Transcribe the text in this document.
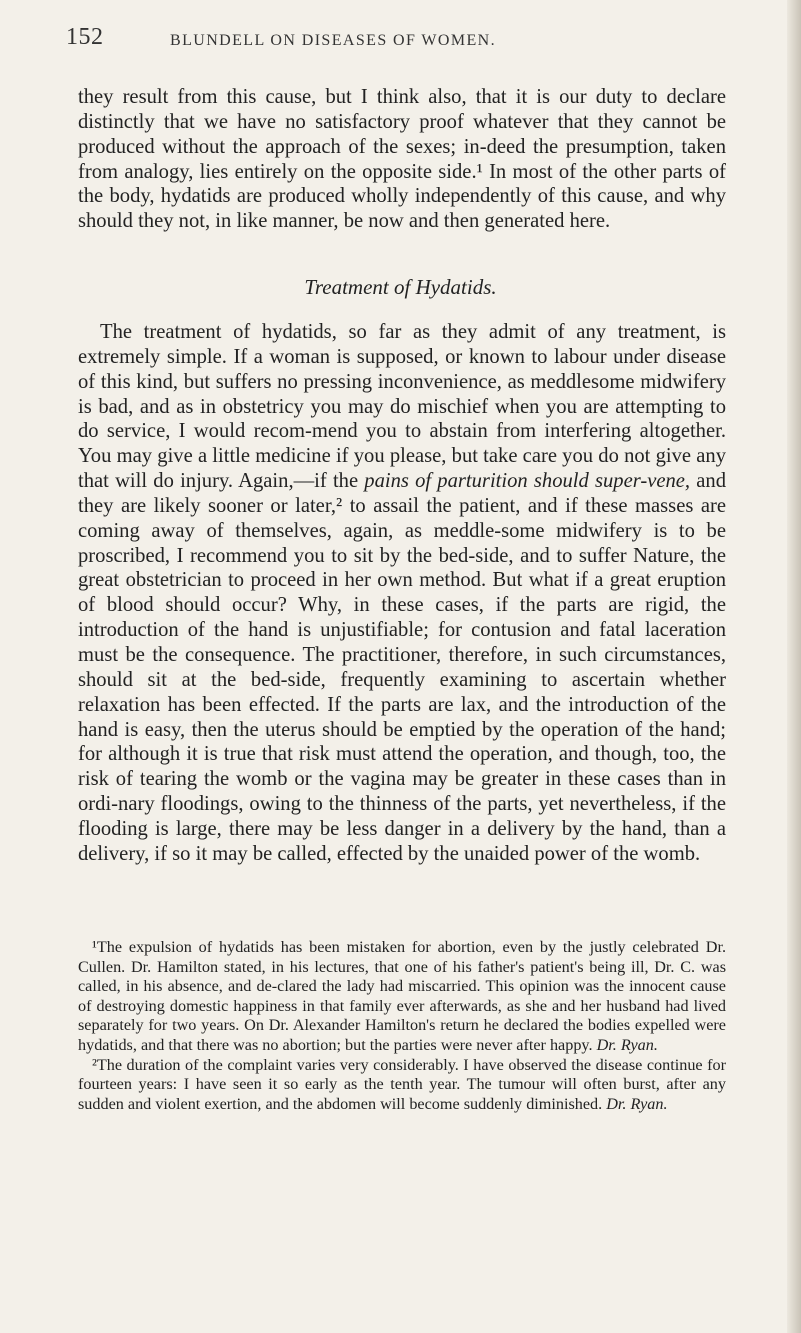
152	BLUNDELL ON DISEASES OF WOMEN.

they result from this cause, but I think also, that it is our duty to declare distinctly that we have no satisfactory proof whatever that they cannot be produced without the approach of the sexes; in-deed the presumption, taken from analogy, lies entirely on the opposite side.¹ In most of the other parts of the body, hydatids are produced wholly independently of this cause, and why should they not, in like manner, be now and then generated here.

Treatment of Hydatids.

The treatment of hydatids, so far as they admit of any treatment, is extremely simple. If a woman is supposed, or known to labour under disease of this kind, but suffers no pressing inconvenience, as meddlesome midwifery is bad, and as in obstetricy you may do mischief when you are attempting to do service, I would recom-mend you to abstain from interfering altogether. You may give a little medicine if you please, but take care you do not give any that will do injury. Again,—if the pains of parturition should super-vene, and they are likely sooner or later,² to assail the patient, and if these masses are coming away of themselves, again, as meddle-some midwifery is to be proscribed, I recommend you to sit by the bed-side, and to suffer Nature, the great obstetrician to proceed in her own method. But what if a great eruption of blood should occur? Why, in these cases, if the parts are rigid, the introduction of the hand is unjustifiable; for contusion and fatal laceration must be the consequence. The practitioner, therefore, in such circumstances, should sit at the bed-side, frequently examining to ascertain whether relaxation has been effected. If the parts are lax, and the introduction of the hand is easy, then the uterus should be emptied by the operation of the hand; for although it is true that risk must attend the operation, and though, too, the risk of tearing the womb or the vagina may be greater in these cases than in ordi-nary floodings, owing to the thinness of the parts, yet nevertheless, if the flooding is large, there may be less danger in a delivery by the hand, than a delivery, if so it may be called, effected by the unaided power of the womb.

¹The expulsion of hydatids has been mistaken for abortion, even by the justly celebrated Dr. Cullen. Dr. Hamilton stated, in his lectures, that one of his father's patient's being ill, Dr. C. was called, in his absence, and de-clared the lady had miscarried. This opinion was the innocent cause of destroying domestic happiness in that family ever afterwards, as she and her husband had lived separately for two years. On Dr. Alexander Hamilton's return he declared the bodies expelled were hydatids, and that there was no abortion; but the parties were never after happy. Dr. Ryan.

²The duration of the complaint varies very considerably. I have observed the disease continue for fourteen years: I have seen it so early as the tenth year. The tumour will often burst, after any sudden and violent exertion, and the abdomen will become suddenly diminished. Dr. Ryan.
